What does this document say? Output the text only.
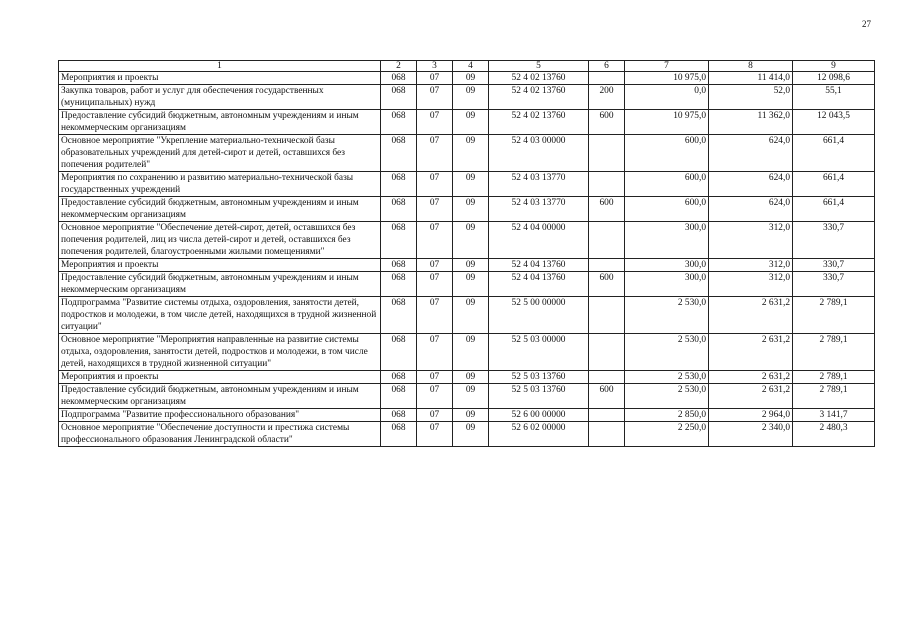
27
1	2	3	4	5	6	7	8	9
Мероприятия и проекты	068	07	09	52 4 02 13760		10 975,0	11 414,0	12 098,6
Закупка товаров, работ и услуг для обеспечения государственных (муниципальных) нужд	068	07	09	52 4 02 13760	200	0,0	52,0	55,1
Предоставление субсидий бюджетным, автономным учреждениям и иным некоммерческим организациям	068	07	09	52 4 02 13760	600	10 975,0	11 362,0	12 043,5
Основное мероприятие "Укрепление материально-технической базы образовательных учреждений для детей-сирот и детей, оставшихся без попечения родителей"	068	07	09	52 4 03 00000		600,0	624,0	661,4
Мероприятия по сохранению и развитию материально-технической базы государственных учреждений	068	07	09	52 4 03 13770		600,0	624,0	661,4
Предоставление субсидий бюджетным, автономным учреждениям и иным некоммерческим организациям	068	07	09	52 4 03 13770	600	600,0	624,0	661,4
Основное мероприятие "Обеспечение детей-сирот, детей, оставшихся без попечения родителей, лиц из числа детей-сирот и детей, оставшихся без попечения родителей, благоустроенными жилыми помещениями"	068	07	09	52 4 04 00000		300,0	312,0	330,7
Мероприятия и проекты	068	07	09	52 4 04 13760		300,0	312,0	330,7
Предоставление субсидий бюджетным, автономным учреждениям и иным некоммерческим организациям	068	07	09	52 4 04 13760	600	300,0	312,0	330,7
Подпрограмма "Развитие системы отдыха, оздоровления, занятости детей, подростков и молодежи, в том числе детей, находящихся в трудной жизненной ситуации"	068	07	09	52 5 00 00000		2 530,0	2 631,2	2 789,1
Основное мероприятие "Мероприятия направленные на развитие системы отдыха, оздоровления, занятости детей, подростков и молодежи, в том числе детей, находящихся в трудной жизненной ситуации"	068	07	09	52 5 03 00000		2 530,0	2 631,2	2 789,1
Мероприятия и проекты	068	07	09	52 5 03 13760		2 530,0	2 631,2	2 789,1
Предоставление субсидий бюджетным, автономным учреждениям и иным некоммерческим организациям	068	07	09	52 5 03 13760	600	2 530,0	2 631,2	2 789,1
Подпрограмма "Развитие профессионального образования"	068	07	09	52 6 00 00000		2 850,0	2 964,0	3 141,7
Основное мероприятие "Обеспечение доступности и престижа системы профессионального образования Ленинградской области"	068	07	09	52 6 02 00000		2 250,0	2 340,0	2 480,3
